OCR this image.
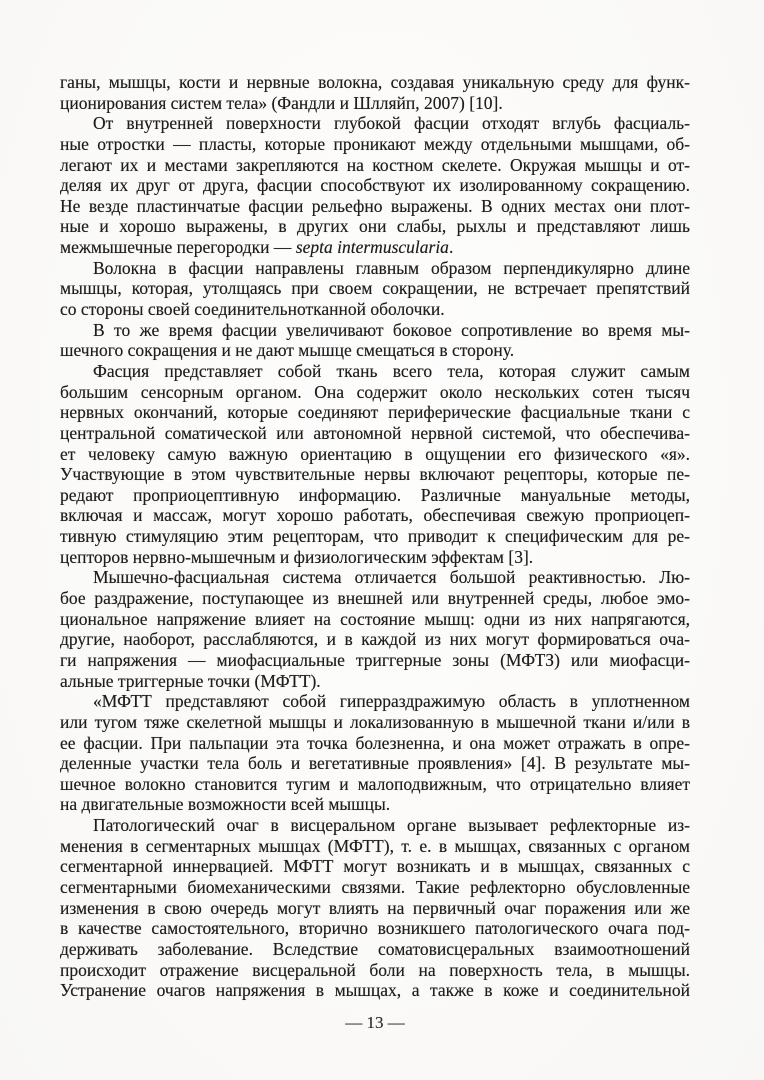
ганы, мышцы, кости и нервные волокна, создавая уникальную среду для функ-
ционирования систем тела» (Фандли и Шлляйп, 2007) [10].
От внутренней поверхности глубокой фасции отходят вглубь фасциаль-
ные отростки — пласты, которые проникают между отдельными мышцами, об-
легают их и местами закрепляются на костном скелете. Окружая мышцы и от-
деляя их друг от друга, фасции способствуют их изолированному сокращению.
Не везде пластинчатые фасции рельефно выражены. В одних местах они плот-
ные и хорошо выражены, в других они слабы, рыхлы и представляют лишь
межмышечные перегородки — septa intermuscularia.
Волокна в фасции направлены главным образом перпендикулярно длине
мышцы, которая, утолщаясь при своем сокращении, не встречает препятствий
со стороны своей соединительнотканной оболочки.
В то же время фасции увеличивают боковое сопротивление во время мы-
шечного сокращения и не дают мышце смещаться в сторону.
Фасция представляет собой ткань всего тела, которая служит самым
большим сенсорным органом. Она содержит около нескольких сотен тысяч
нервных окончаний, которые соединяют периферические фасциальные ткани с
центральной соматической или автономной нервной системой, что обеспечива-
ет человеку самую важную ориентацию в ощущении его физического «я».
Участвующие в этом чувствительные нервы включают рецепторы, которые пе-
редают проприоцептивную информацию. Различные мануальные методы,
включая и массаж, могут хорошо работать, обеспечивая свежую проприоцеп-
тивную стимуляцию этим рецепторам, что приводит к специфическим для ре-
цепторов нервно-мышечным и физиологическим эффектам [3].
Мышечно-фасциальная система отличается большой реактивностью. Лю-
бое раздражение, поступающее из внешней или внутренней среды, любое эмо-
циональное напряжение влияет на состояние мышц: одни из них напрягаются,
другие, наоборот, расслабляются, и в каждой из них могут формироваться оча-
ги напряжения — миофасциальные триггерные зоны (МФТЗ) или миофасци-
альные триггерные точки (МФТТ).
«МФТТ представляют собой гиперраздражимую область в уплотненном
или тугом тяже скелетной мышцы и локализованную в мышечной ткани и/или в
ее фасции. При пальпации эта точка болезненна, и она может отражать в опре-
деленные участки тела боль и вегетативные проявления» [4]. В результате мы-
шечное волокно становится тугим и малоподвижным, что отрицательно влияет
на двигательные возможности всей мышцы.
Патологический очаг в висцеральном органе вызывает рефлекторные из-
менения в сегментарных мышцах (МФТТ), т. е. в мышцах, связанных с органом
сегментарной иннервацией. МФТТ могут возникать и в мышцах, связанных с
сегментарными биомеханическими связями. Такие рефлекторно обусловленные
изменения в свою очередь могут влиять на первичный очаг поражения или же
в качестве самостоятельного, вторично возникшего патологического очага под-
держивать заболевание. Вследствие соматовисцеральных взаимоотношений
происходит отражение висцеральной боли на поверхность тела, в мышцы.
Устранение очагов напряжения в мышцах, а также в коже и соединительной
— 13 —
